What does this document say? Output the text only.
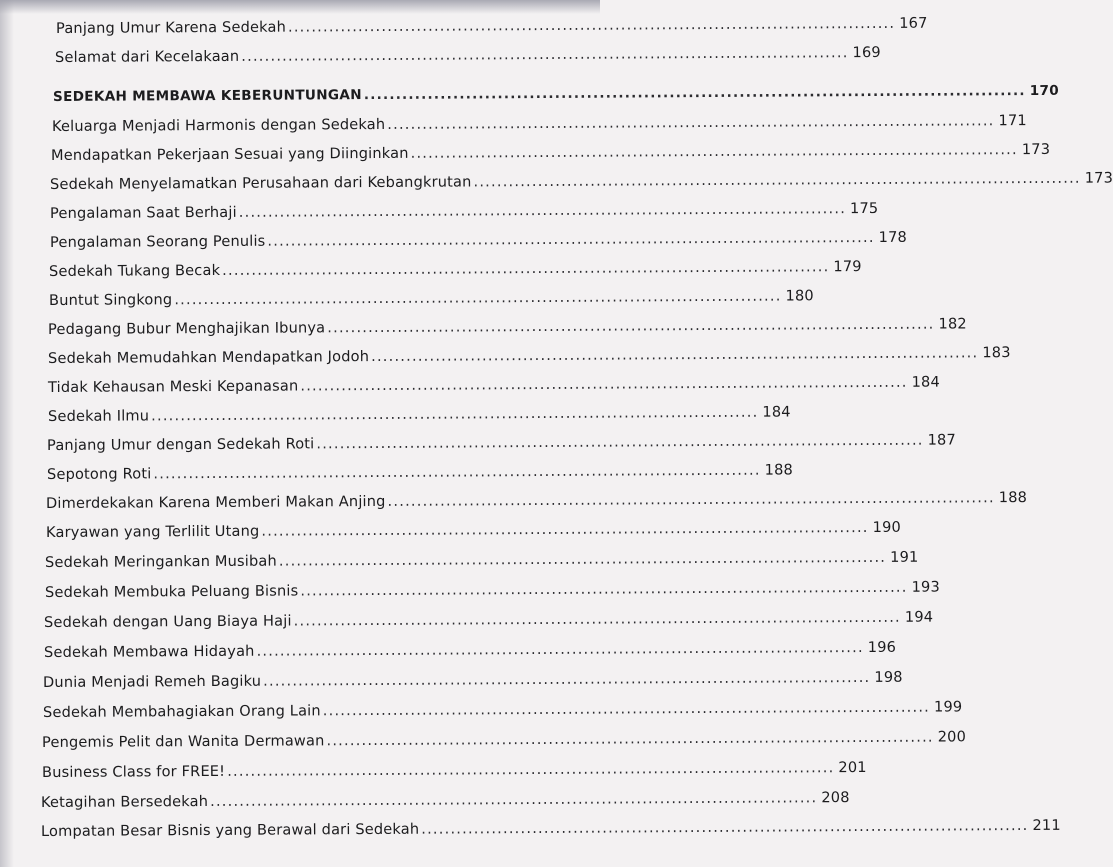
Panjang Umur Karena Sedekah ........................................................................................................ 167
Selamat dari Kecelakaan ........................................................................................................ 169
SEDEKAH MEMBAWA KEBERUNTUNGAN ........................................................................................................ 170
Keluarga Menjadi Harmonis dengan Sedekah ........................................................................................................ 171
Mendapatkan Pekerjaan Sesuai yang Diinginkan ........................................................................................................ 173
Sedekah Menyelamatkan Perusahaan dari Kebangkrutan ........................................................................................................ 173
Pengalaman Saat Berhaji ........................................................................................................ 175
Pengalaman Seorang Penulis ........................................................................................................ 178
Sedekah Tukang Becak ........................................................................................................ 179
Buntut Singkong ........................................................................................................ 180
Pedagang Bubur Menghajikan Ibunya ........................................................................................................ 182
Sedekah Memudahkan Mendapatkan Jodoh ........................................................................................................ 183
Tidak Kehausan Meski Kepanasan ........................................................................................................ 184
Sedekah Ilmu ........................................................................................................ 184
Panjang Umur dengan Sedekah Roti ........................................................................................................ 187
Sepotong Roti ........................................................................................................ 188
Dimerdekakan Karena Memberi Makan Anjing ........................................................................................................ 188
Karyawan yang Terlilit Utang ........................................................................................................ 190
Sedekah Meringankan Musibah ........................................................................................................ 191
Sedekah Membuka Peluang Bisnis ........................................................................................................ 193
Sedekah dengan Uang Biaya Haji ........................................................................................................ 194
Sedekah Membawa Hidayah ........................................................................................................ 196
Dunia Menjadi Remeh Bagiku ........................................................................................................ 198
Sedekah Membahagiakan Orang Lain ........................................................................................................ 199
Pengemis Pelit dan Wanita Dermawan ........................................................................................................ 200
Business Class for FREE! ........................................................................................................ 201
Ketagihan Bersedekah ........................................................................................................ 208
Lompatan Besar Bisnis yang Berawal dari Sedekah ........................................................................................................ 211
